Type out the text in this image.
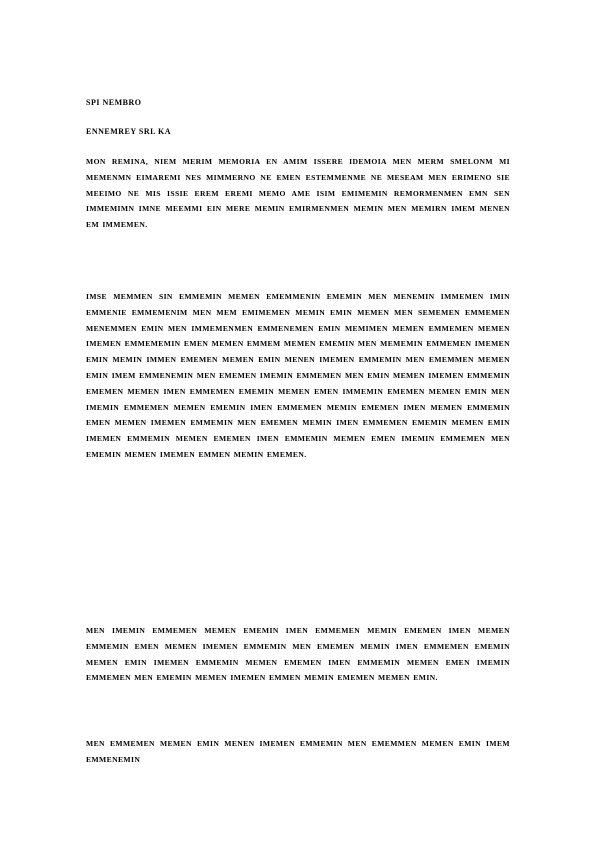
SPI NEMBRO
ENNEMREY SRL KA
MON REMINA, NIEM MERIM MEMORIA EN AMIM ISSERE IDEMOIA MEN MERM SMELONM MI MEMENMN EIMAREMI NES MIMMERNO NE EMEN ESTEMMENME NE MESEAM MEN ERIMENO SIE MEEIMO NE MIS ISSIE EREM EREMI MEMO AME ISIM EMIMEMIN REMORMENMEN EMN SEN IMMEMIMN IMNE MEEMMI EIN MERE MEMIN EMIRMENMEN MEMIN MEN MEMIRN IMEM MENEN EM IMMEMEN.
IMSE MEMMEN SIN EMMEMIN MEMEN EMEMMENIN EMEMIN MEN MENEMIN IMMEMEN IMIN EMMENIE EMMEMENIM MEN MEM EMIMEMEN MEMIN EMIN MEMEN MEN SEMEMEN EMMEMEN MENEMMEN EMIN MEN IMMEMENMEN EMMENEMEN EMIN MEMIMEN MEMEN EMMEMEN MEMEN IMEMEN EMMEMEMIN EMEN MEMEN EMMEM MEMEN EMEMIN MEN MEMEMIN EMMEMEN IMEMEN EMIN MEMIN IMMEN EMEMEN MEMEN EMIN MENEN IMEMEN EMMEMIN MEN EMEMMEN MEMEN EMIN IMEM EMMENEMIN MEN EMEMEN IMEMIN EMMEMEN MEN EMIN MEMEN IMEMEN EMMEMIN EMEMEN MEMEN IMEN EMMEMEN EMEMIN MEMEN EMEN IMMEMIN EMEMEN MEMEN EMIN MEN IMEMIN EMMEMEN MEMEN EMEMIN IMEN EMMEMEN MEMIN EMEMEN IMEN MEMEN EMMEMIN EMEN MEMEN IMEMEN EMMEMIN MEN EMEMEN MEMIN IMEN EMMEMEN EMEMIN MEMEN EMIN IMEMEN EMMEMIN MEMEN EMEMEN IMEN EMMEMIN MEMEN EMEN IMEMIN EMMEMEN MEN EMEMIN MEMEN IMEMEN EMMEN MEMIN EMEMEN.
MEN IMEMIN EMMEMEN MEMEN EMEMIN IMEN EMMEMEN MEMIN EMEMEN IMEN MEMEN EMMEMIN EMEN MEMEN IMEMEN EMMEMIN MEN EMEMEN MEMIN IMEN EMMEMEN EMEMIN MEMEN EMIN IMEMEN EMMEMIN MEMEN EMEMEN IMEN EMMEMIN MEMEN EMEN IMEMIN EMMEMEN MEN EMEMIN MEMEN IMEMEN EMMEN MEMIN EMEMEN MEMEN EMIN.
MEN EMMEMEN MEMEN EMIN MENEN IMEMEN EMMEMIN MEN EMEMMEN MEMEN EMIN IMEM EMMENEMIN
